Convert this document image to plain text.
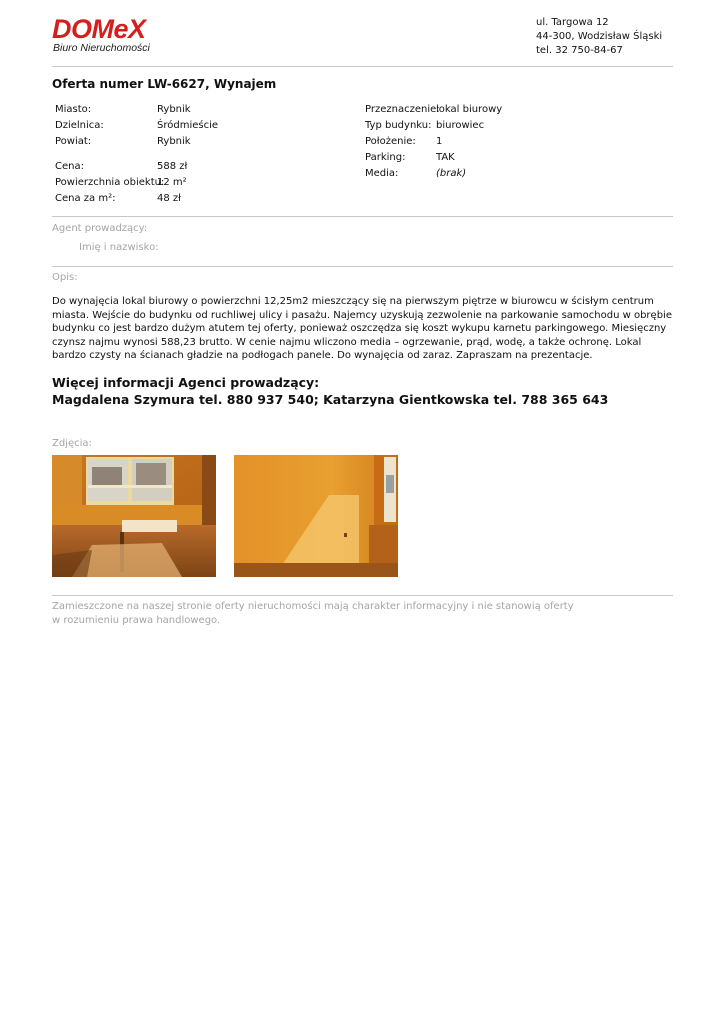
DOMeX
Biuro Nieruchomości
ul. Targowa 12
44-300, Wodzisław Śląski
tel. 32 750-84-67
Oferta numer LW-6627, Wynajem
Miasto:	Rybnik
Dzielnica:	Śródmieście
Powiat:	Rybnik
Cena:	588 zł
Powierzchnia obiektu:
12 m²
Cena za m²:	48 zł
Przeznaczenie:
lokal biurowy
Typ budynku: biurowiec
Położenie: 1
Parking:	TAK
Media:	(brak)
Agent prowadzący:
Imię i nazwisko:
Opis:
Do wynajęcia lokal biurowy o powierzchni 12,25m2 mieszczący się na pierwszym piętrze w biurowcu w ścisłym centrum miasta. Wejście do budynku od ruchliwej ulicy i pasażu. Najemcy uzyskują zezwolenie na parkowanie samochodu w obrębie budynku co jest bardzo dużym atutem tej oferty, ponieważ oszczędza się koszt wykupu karnetu parkingowego. Miesięczny czynsz najmu wynosi 588,23 brutto. W cenie najmu wliczono media – ogrzewanie, prąd, wodę, a także ochronę. Lokal bardzo czysty na ścianach gładzie na podłogach panele. Do wynajęcia od zaraz. Zapraszam na prezentacje.
Więcej informacji Agenci prowadzący:
Magdalena Szymura tel. 880 937 540; Katarzyna Gientkowska tel. 788 365 643
Zdjęcia:
Zamieszczone na naszej stronie oferty nieruchomości mają charakter informacyjny i nie stanowią oferty
w rozumieniu prawa handlowego.
